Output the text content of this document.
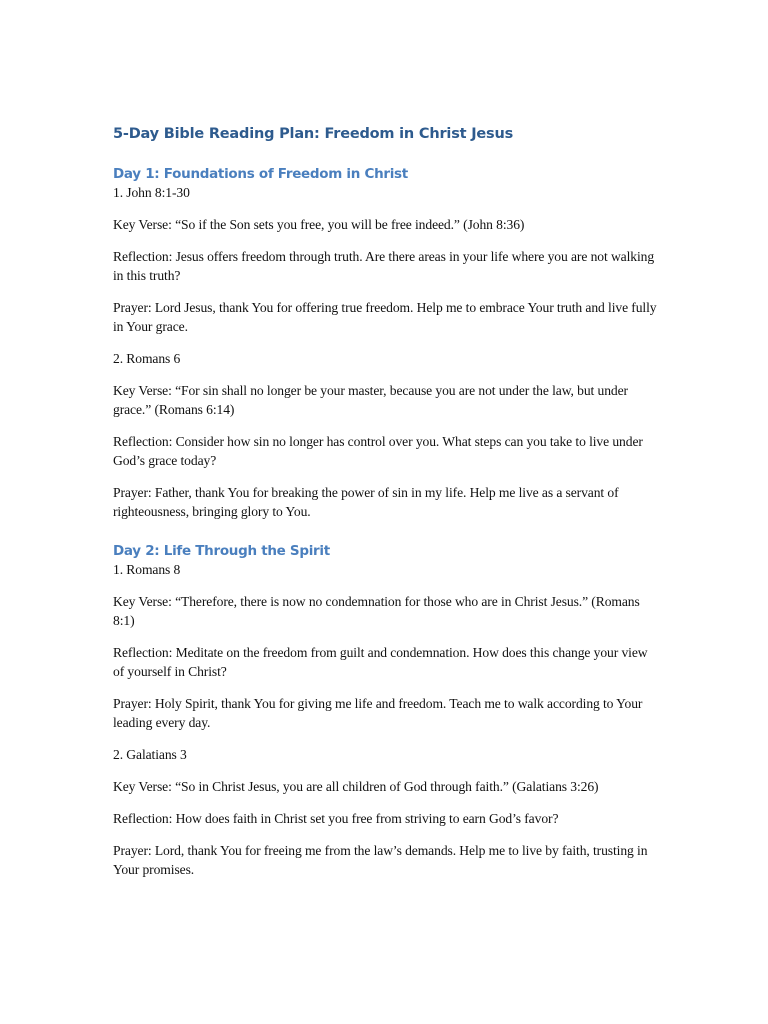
5-Day Bible Reading Plan: Freedom in Christ Jesus
Day 1: Foundations of Freedom in Christ

1. John 8:1-30

Key Verse: “So if the Son sets you free, you will be free indeed.” (John 8:36)

Reflection: Jesus offers freedom through truth. Are there areas in your life where you are not walking in this truth?

Prayer: Lord Jesus, thank You for offering true freedom. Help me to embrace Your truth and live fully in Your grace.

2. Romans 6

Key Verse: “For sin shall no longer be your master, because you are not under the law, but under grace.” (Romans 6:14)

Reflection: Consider how sin no longer has control over you. What steps can you take to live under God’s grace today?

Prayer: Father, thank You for breaking the power of sin in my life. Help me live as a servant of righteousness, bringing glory to You.

Day 2: Life Through the Spirit

1. Romans 8

Key Verse: “Therefore, there is now no condemnation for those who are in Christ Jesus.” (Romans 8:1)

Reflection: Meditate on the freedom from guilt and condemnation. How does this change your view of yourself in Christ?

Prayer: Holy Spirit, thank You for giving me life and freedom. Teach me to walk according to Your leading every day.

2. Galatians 3

Key Verse: “So in Christ Jesus, you are all children of God through faith.” (Galatians 3:26)

Reflection: How does faith in Christ set you free from striving to earn God’s favor?

Prayer: Lord, thank You for freeing me from the law’s demands. Help me to live by faith, trusting in Your promises.
